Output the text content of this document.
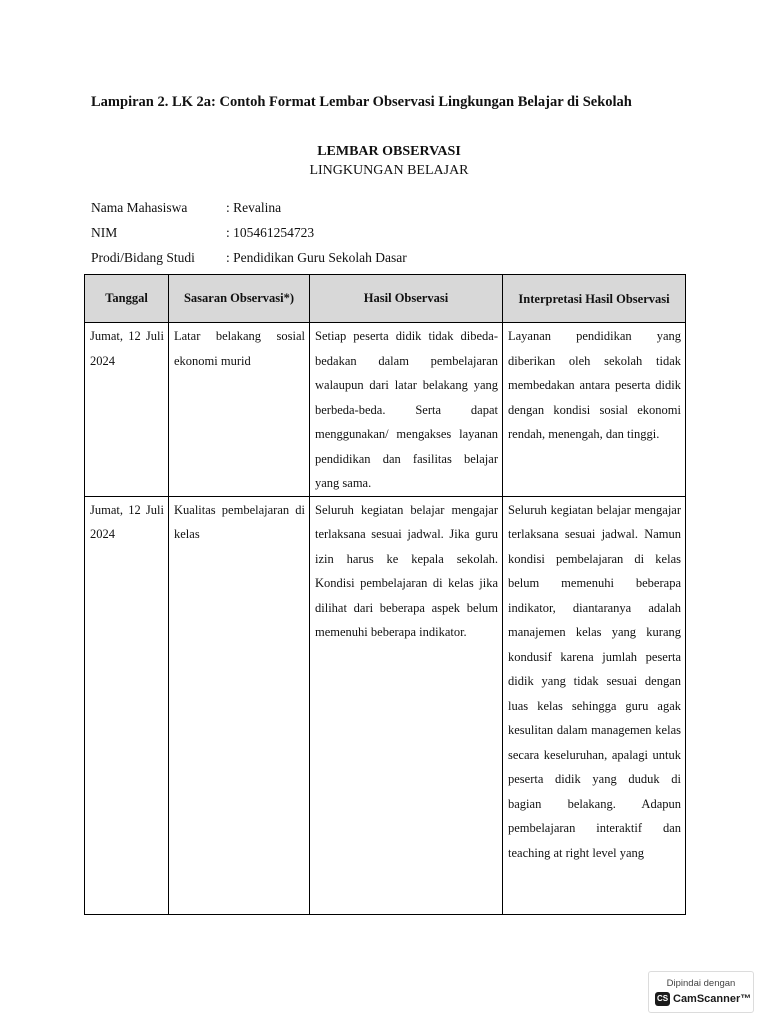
Lampiran 2. LK 2a: Contoh Format Lembar Observasi Lingkungan Belajar di Sekolah
LEMBAR OBSERVASI
LINGKUNGAN BELAJAR
Nama Mahasiswa	: Revalina
NIM	: 105461254723
Prodi/Bidang Studi : Pendidikan Guru Sekolah Dasar
Tanggal	Sasaran Observasi*)	Hasil Observasi	Interpretasi Hasil Observasi
Jumat, 12 Juli 2024	Latar belakang sosial ekonomi murid	Setiap peserta didik tidak dibeda-bedakan dalam pembelajaran walaupun dari latar belakang yang berbeda-beda. Serta dapat menggunakan/ mengakses layanan pendidikan dan fasilitas belajar yang sama.	Layanan pendidikan yang diberikan oleh sekolah tidak membedakan antara peserta didik dengan kondisi sosial ekonomi rendah, menengah, dan tinggi.
Jumat, 12 Juli 2024	Kualitas pembelajaran di kelas	Seluruh kegiatan belajar mengajar terlaksana sesuai jadwal. Jika guru izin harus ke kepala sekolah. Kondisi pembelajaran di kelas jika dilihat dari beberapa aspek belum memenuhi beberapa indikator.	Seluruh kegiatan belajar mengajar terlaksana sesuai jadwal. Namun kondisi pembelajaran di kelas belum memenuhi beberapa indikator, diantaranya adalah manajemen kelas yang kurang kondusif karena jumlah peserta didik yang tidak sesuai dengan luas kelas sehingga guru agak kesulitan dalam managemen kelas secara keseluruhan, apalagi untuk peserta didik yang duduk di bagian belakang. Adapun pembelajaran interaktif dan teaching at right level yang
Dipindai dengan
CS CamScanner™
